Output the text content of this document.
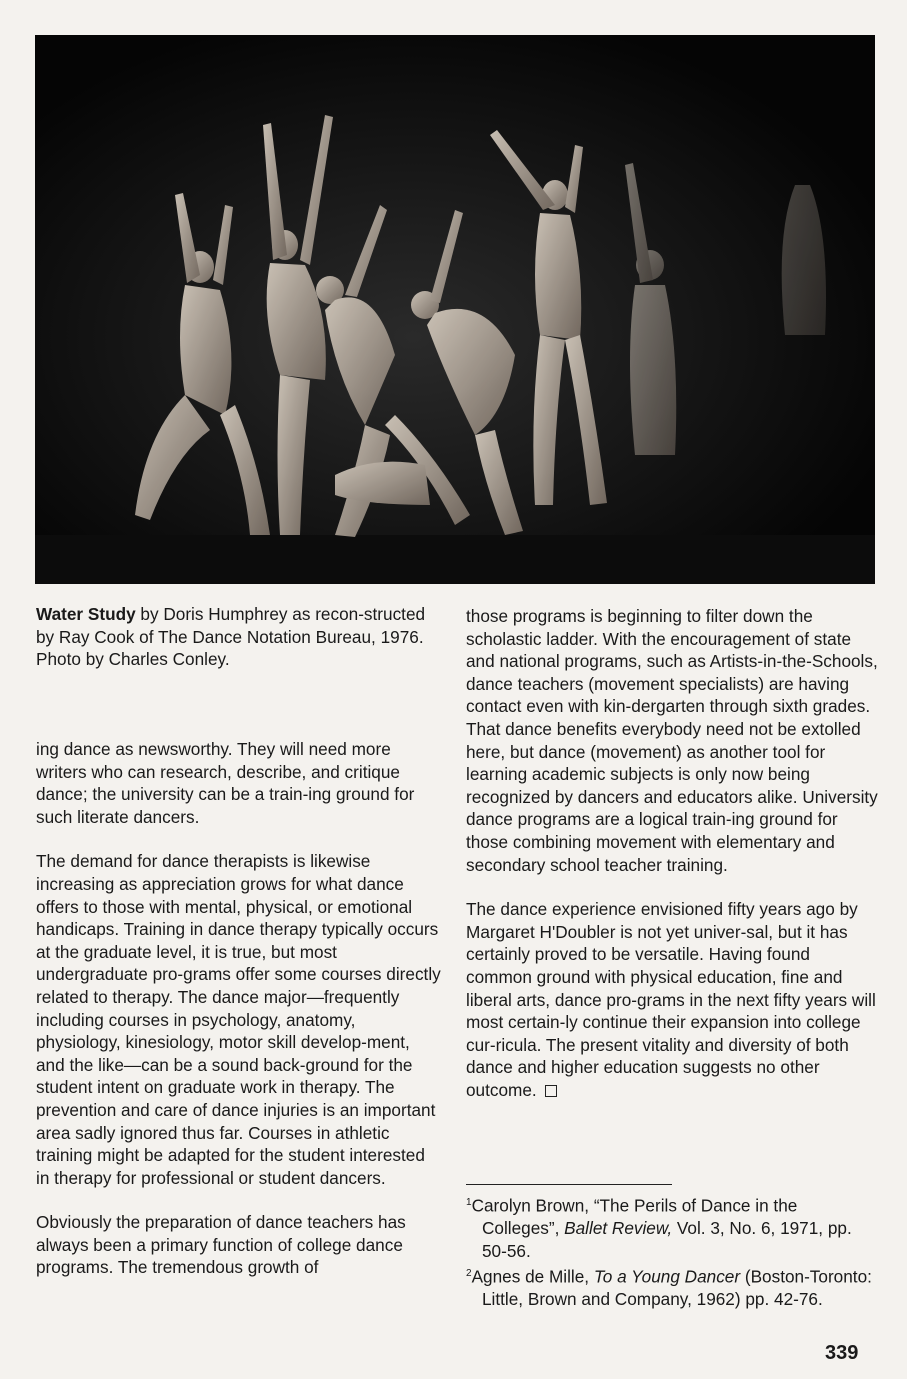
Water Study by Doris Humphrey as recon-structed by Ray Cook of The Dance Notation Bureau, 1976. Photo by Charles Conley.

ing dance as newsworthy. They will need more writers who can research, describe, and critique dance; the university can be a train-ing ground for such literate dancers.

The demand for dance therapists is likewise increasing as appreciation grows for what dance offers to those with mental, physical, or emotional handicaps. Training in dance therapy typically occurs at the graduate level, it is true, but most undergraduate pro-grams offer some courses directly related to therapy. The dance major—frequently including courses in psychology, anatomy, physiology, kinesiology, motor skill develop-ment, and the like—can be a sound back-ground for the student intent on graduate work in therapy. The prevention and care of dance injuries is an important area sadly ignored thus far. Courses in athletic training might be adapted for the student interested in therapy for professional or student dancers.

Obviously the preparation of dance teachers has always been a primary function of college dance programs. The tremendous growth of

those programs is beginning to filter down the scholastic ladder. With the encouragement of state and national programs, such as Artists-in-the-Schools, dance teachers (movement specialists) are having contact even with kin-dergarten through sixth grades. That dance benefits everybody need not be extolled here, but dance (movement) as another tool for learning academic subjects is only now being recognized by dancers and educators alike. University dance programs are a logical train-ing ground for those combining movement with elementary and secondary school teacher training.

The dance experience envisioned fifty years ago by Margaret H'Doubler is not yet univer-sal, but it has certainly proved to be versatile. Having found common ground with physical education, fine and liberal arts, dance pro-grams in the next fifty years will most certain-ly continue their expansion into college cur-ricula. The present vitality and diversity of both dance and higher education suggests no other outcome.

$^1$Carolyn Brown, “The Perils of Dance in the Colleges”, Ballet Review, Vol. 3, No. 6, 1971, pp. 50-56.

$^2$Agnes de Mille, To a Young Dancer (Boston-Toronto: Little, Brown and Company, 1962) pp. 42-76.

339
